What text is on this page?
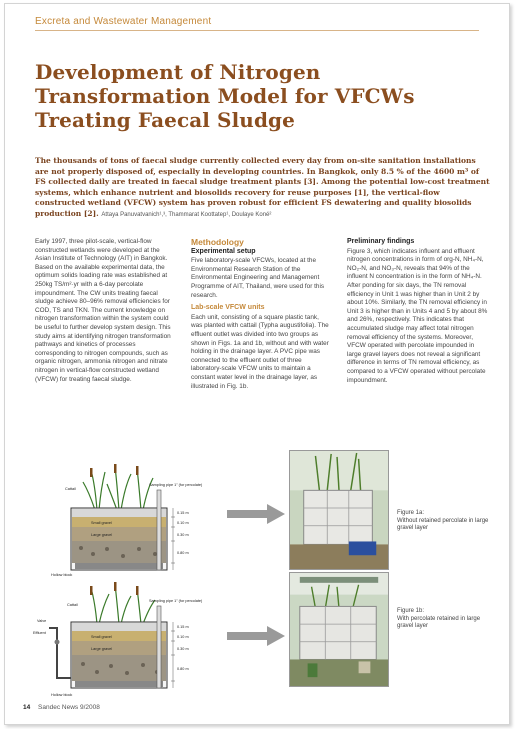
Excreta and Wastewater Management
Development of Nitrogen
Transformation Model for VFCWs
Treating Faecal Sludge
The thousands of tons of faecal sludge currently collected every day from on-site sanitation installations are not properly disposed of, especially in developing countries. In Bangkok, only 8.5 % of the 4600 m³ of FS collected daily are treated in faecal sludge treatment plants [3]. Among the potential low-cost treatment systems, which enhance nutrient and biosolids recovery for reuse purposes [1], the vertical-flow constructed wetland (VFCW) system has proven robust for efficient FS dewatering and quality biosolids production [2]. Attaya Panuvatvanich¹,³, Thammarat Koottatep¹, Doulaye Koné²

Early 1997, three pilot-scale, vertical-flow constructed wetlands were developed at the Asian Institute of Technology (AIT) in Bangkok. Based on the available experimental data, the optimum solids loading rate was established at 250kg TS/m²·yr with a 6-day percolate impoundment. The CW units treating faecal sludge achieve 80–96% removal efficiencies for COD, TS and TKN. The current knowledge on nitrogen transformation within the system could be useful to further develop system design. This study aims at identifying nitrogen transformation pathways and kinetics of processes corresponding to nitrogen compounds, such as organic nitrogen, ammonia nitrogen and nitrate nitrogen in vertical-flow constructed wetland (VFCW) for treating faecal sludge.

Methodology
Experimental setup

Five laboratory-scale VFCWs, located at the Environmental Research Station of the Environmental Engineering and Management Programme of AIT, Thailand, were used for this research.

Lab-scale VFCW units

Each unit, consisting of a square plastic tank, was planted with cattail (Typha augustifolia). The effluent outlet was divided into two groups as shown in Figs. 1a and 1b, without and with water holding in the drainage layer. A PVC pipe was connected to the effluent outlet of three laboratory-scale VFCW units to maintain a constant water level in the drainage layer, as illustrated in Fig. 1b.

Preliminary findings

Figure 3, which indicates influent and effluent nitrogen concentrations in form of org-N, NH₄-N, NO₂-N, and NO₃-N, reveals that 94% of the influent N concentration is in the form of NH₄-N. After ponding for six days, the TN removal efficiency in Unit 1 was higher than in Unit 2 by about 10%. Similarly, the TN removal efficiency in Unit 3 is higher than in Units 4 and 5 by about 8% and 26%, respectively. This indicates that accumulated sludge may affect total nitrogen removal efficiency of the systems. Moreover, VFCW operated with percolate impounded in large gravel layers does not reveal a significant difference in terms of TN removal efficiency, as compared to a VFCW operated without percolate impoundment.

Cattail
Sampling pipe 1" (for percolate)
Small gravel
Large gravel
Hollow block
0.15 m
0.10 m
0.30 m
0.80 m
Figure 1a:
Without retained percolate in large gravel layer
Cattail
Valve
Effluent
Sampling pipe 1" (for percolate)
Small gravel
Large gravel
Hollow block
0.15 m
0.10 m
0.30 m
0.80 m
Figure 1b:
With percolate retained in large gravel layer
14 Sandec News 9/2008
